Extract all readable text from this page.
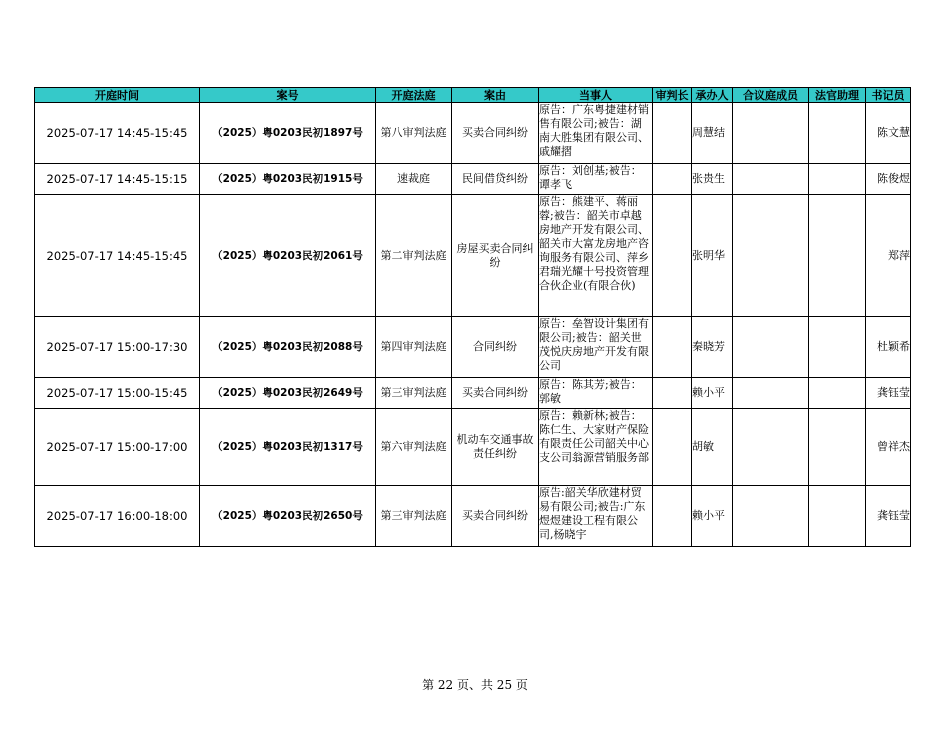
开庭时间	案号	开庭法庭	案由	当事人	审判长	承办人	合议庭成员	法官助理	书记员
2025-07-17 14:45-15:45	（2025）粤0203民初1897号	第八审判法庭	买卖合同纠纷	原告：广东粤捷建材销售有限公司;被告：湖南大胜集团有限公司、戚耀摺		周慧结			陈文慧
2025-07-17 14:45-15:15	（2025）粤0203民初1915号	速裁庭	民间借贷纠纷	原告：刘创基;被告：谭孝飞		张贵生			陈俊煜
2025-07-17 14:45-15:45	（2025）粤0203民初2061号	第二审判法庭	房屋买卖合同纠纷	原告：熊建平、蒋丽蓉;被告：韶关市卓越房地产开发有限公司、韶关市大富龙房地产咨询服务有限公司、萍乡君瑞光耀十号投资管理合伙企业(有限合伙)		张明华			郑萍
2025-07-17 15:00-17:30	（2025）粤0203民初2088号	第四审判法庭	合同纠纷	原告：垒智设计集团有限公司;被告：韶关世茂悦庆房地产开发有限公司		秦晓芳			杜颖希
2025-07-17 15:00-15:45	（2025）粤0203民初2649号	第三审判法庭	买卖合同纠纷	原告：陈其芳;被告：郭敏		赖小平			龚钰莹
2025-07-17 15:00-17:00	（2025）粤0203民初1317号	第六审判法庭	机动车交通事故责任纠纷	原告：赖新林;被告：陈仁生、大家财产保险有限责任公司韶关中心支公司翁源营销服务部		胡敏			曾祥杰
2025-07-17 16:00-18:00	（2025）粤0203民初2650号	第三审判法庭	买卖合同纠纷	原告:韶关华欣建材贸易有限公司;被告:广东煜煜建设工程有限公司,杨晓宇		赖小平			龚钰莹
第 22 页、共 25 页
